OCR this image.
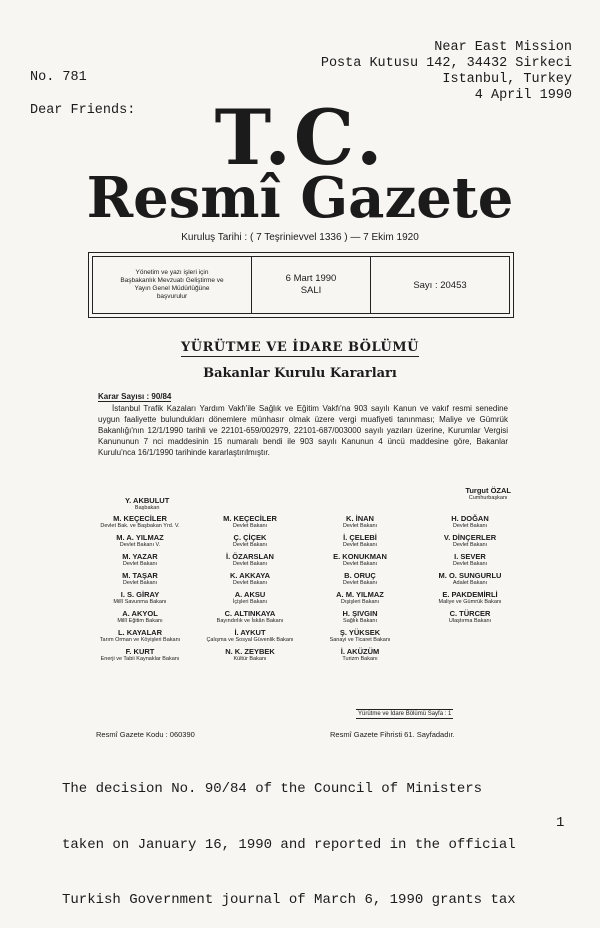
Near East Mission
Posta Kutusu 142, 34432 Sirkeci
Istanbul, Turkey
4 April 1990
No. 781
Dear Friends:	T.C.
Resmî Gazete
Kuruluş Tarihi : ( 7 Teşrinievvel 1336 ) — 7 Ekim 1920
Yönetim ve yazı işleri için
Başbakanlık Mevzuatı Geliştirme ve
Yayın Genel Müdürlüğüne
başvurulur
6 Mart 1990
SALI	Sayı : 20453
YÜRÜTME VE İDARE BÖLÜMÜ
Bakanlar Kurulu Kararları
Karar Sayısı : 90/84
İstanbul Trafik Kazaları Yardım Vakfı'ile Sağlık ve Eğitim Vakfı'na 903 sayılı Kanun ve vakıf resmi senedine uygun faaliyette bulundukları dönemlere münhasır olmak üzere vergi muafiyeti tanınması; Maliye ve Gümrük Bakanlığı'nın 12/1/1990 tarihli ve 22101-659/002979, 22101-687/003000 sayılı yazıları üzerine, Kurumlar Vergisi Kanununun 7 nci maddesinin 15 numaralı bendi ile 903 sayılı Kanunun 4 üncü maddesine göre, Bakanlar Kurulu'nca 16/1/1990 tarihinde kararlaştırılmıştır.
Y. AKBULUT
Başbakan
Turgut ÖZAL
Cumhurbaşkanı
M. KEÇECİLER
Devlet Bak. ve Başbakan Yrd. V.
M. KEÇECİLER
Devlet Bakanı
K. İNAN
Devlet Bakanı
H. DOĞAN
Devlet Bakanı
M. A. YILMAZ
Devlet Bakanı V.
Ç. ÇİÇEK
Devlet Bakanı
İ. ÇELEBİ
Devlet Bakanı
V. DİNÇERLER
Devlet Bakanı
M. YAZAR
Devlet Bakanı
İ. ÖZARSLAN
Devlet Bakanı
E. KONUKMAN
Devlet Bakanı
I. SEVER
Devlet Bakanı
M. TAŞAR
Devlet Bakanı
K. AKKAYA
Devlet Bakanı
B. ORUÇ
Devlet Bakanı
M. O. SUNGURLU
Adalet Bakanı
I. S. GİRAY
Millî Savunma Bakanı
A. AKSU
İçişleri Bakanı
A. M. YILMAZ
Dışişleri Bakanı
E. PAKDEMİRLİ
Maliye ve Gümrük Bakanı
A. AKYOL
Millî Eğitim Bakanı
C. ALTINKAYA
Bayındırlık ve İskân Bakanı
H. ŞIVGIN
Sağlık Bakanı
C. TÜRCER
Ulaştırma Bakanı
L. KAYALAR
Tarım Orman ve Köyişleri Bakanı
İ. AYKUT
Çalışma ve Sosyal Güvenlik Bakanı
Ş. YÜKSEK
Sanayi ve Ticaret Bakanı
F. KURT
Enerji ve Tabii Kaynaklar Bakanı
N. K. ZEYBEK
Kültür Bakanı
İ. AKÜZÜM
Turizm Bakanı
Yürütme ve İdare Bölümü Sayfa : 1
Resmî Gazete Kodu : 060390	Resmî Gazete Fihristi 61. Sayfadadır.

The decision No. 90/84 of the Council of Ministers

taken on January 16, 1990 and reported in the official

Turkish Government journal of March 6, 1990 grants tax

1
